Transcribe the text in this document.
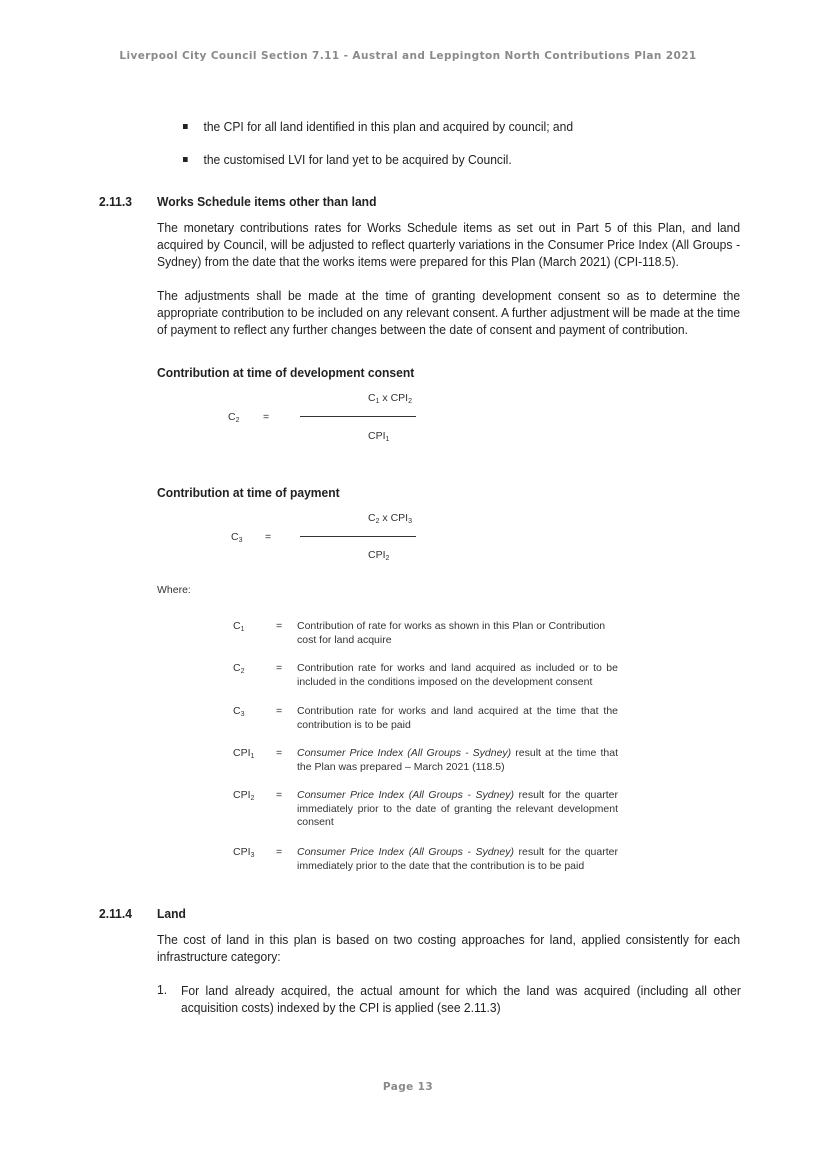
Liverpool City Council Section 7.11 - Austral and Leppington North Contributions Plan 2021
the CPI for all land identified in this plan and acquired by council; and
the customised LVI for land yet to be acquired by Council.
2.11.3 Works Schedule items other than land
The monetary contributions rates for Works Schedule items as set out in Part 5 of this Plan, and land acquired by Council, will be adjusted to reflect quarterly variations in the Consumer Price Index (All Groups - Sydney) from the date that the works items were prepared for this Plan (March 2021) (CPI-118.5).
The adjustments shall be made at the time of granting development consent so as to determine the appropriate contribution to be included on any relevant consent. A further adjustment will be made at the time of payment to reflect any further changes between the date of consent and payment of contribution.
Contribution at time of development consent
$C_2$ =
$C_1$ x $CPI_2$
$CPI_1$
Contribution at time of payment
$C_3$ =
$C_2$ x $CPI_3$
$CPI_2$
Where:
$C_1$	= Contribution of rate for works as shown in this Plan or Contribution cost for land acquire
$C_2$	= Contribution rate for works and land acquired as included or to be included in the conditions imposed on the development consent
$C_3$	= Contribution rate for works and land acquired at the time that the contribution is to be paid
$CPI_1$ = Consumer Price Index (All Groups - Sydney) result at the time that the Plan was prepared – March 2021 (118.5)
$CPI_2$ = Consumer Price Index (All Groups - Sydney) result for the quarter immediately prior to the date of granting the relevant development consent
$CPI_3$ = Consumer Price Index (All Groups - Sydney) result for the quarter immediately prior to the date that the contribution is to be paid
2.11.4 Land
The cost of land in this plan is based on two costing approaches for land, applied consistently for each infrastructure category:
1. For land already acquired, the actual amount for which the land was acquired (including all other acquisition costs) indexed by the CPI is applied (see 2.11.3)
Page 13
